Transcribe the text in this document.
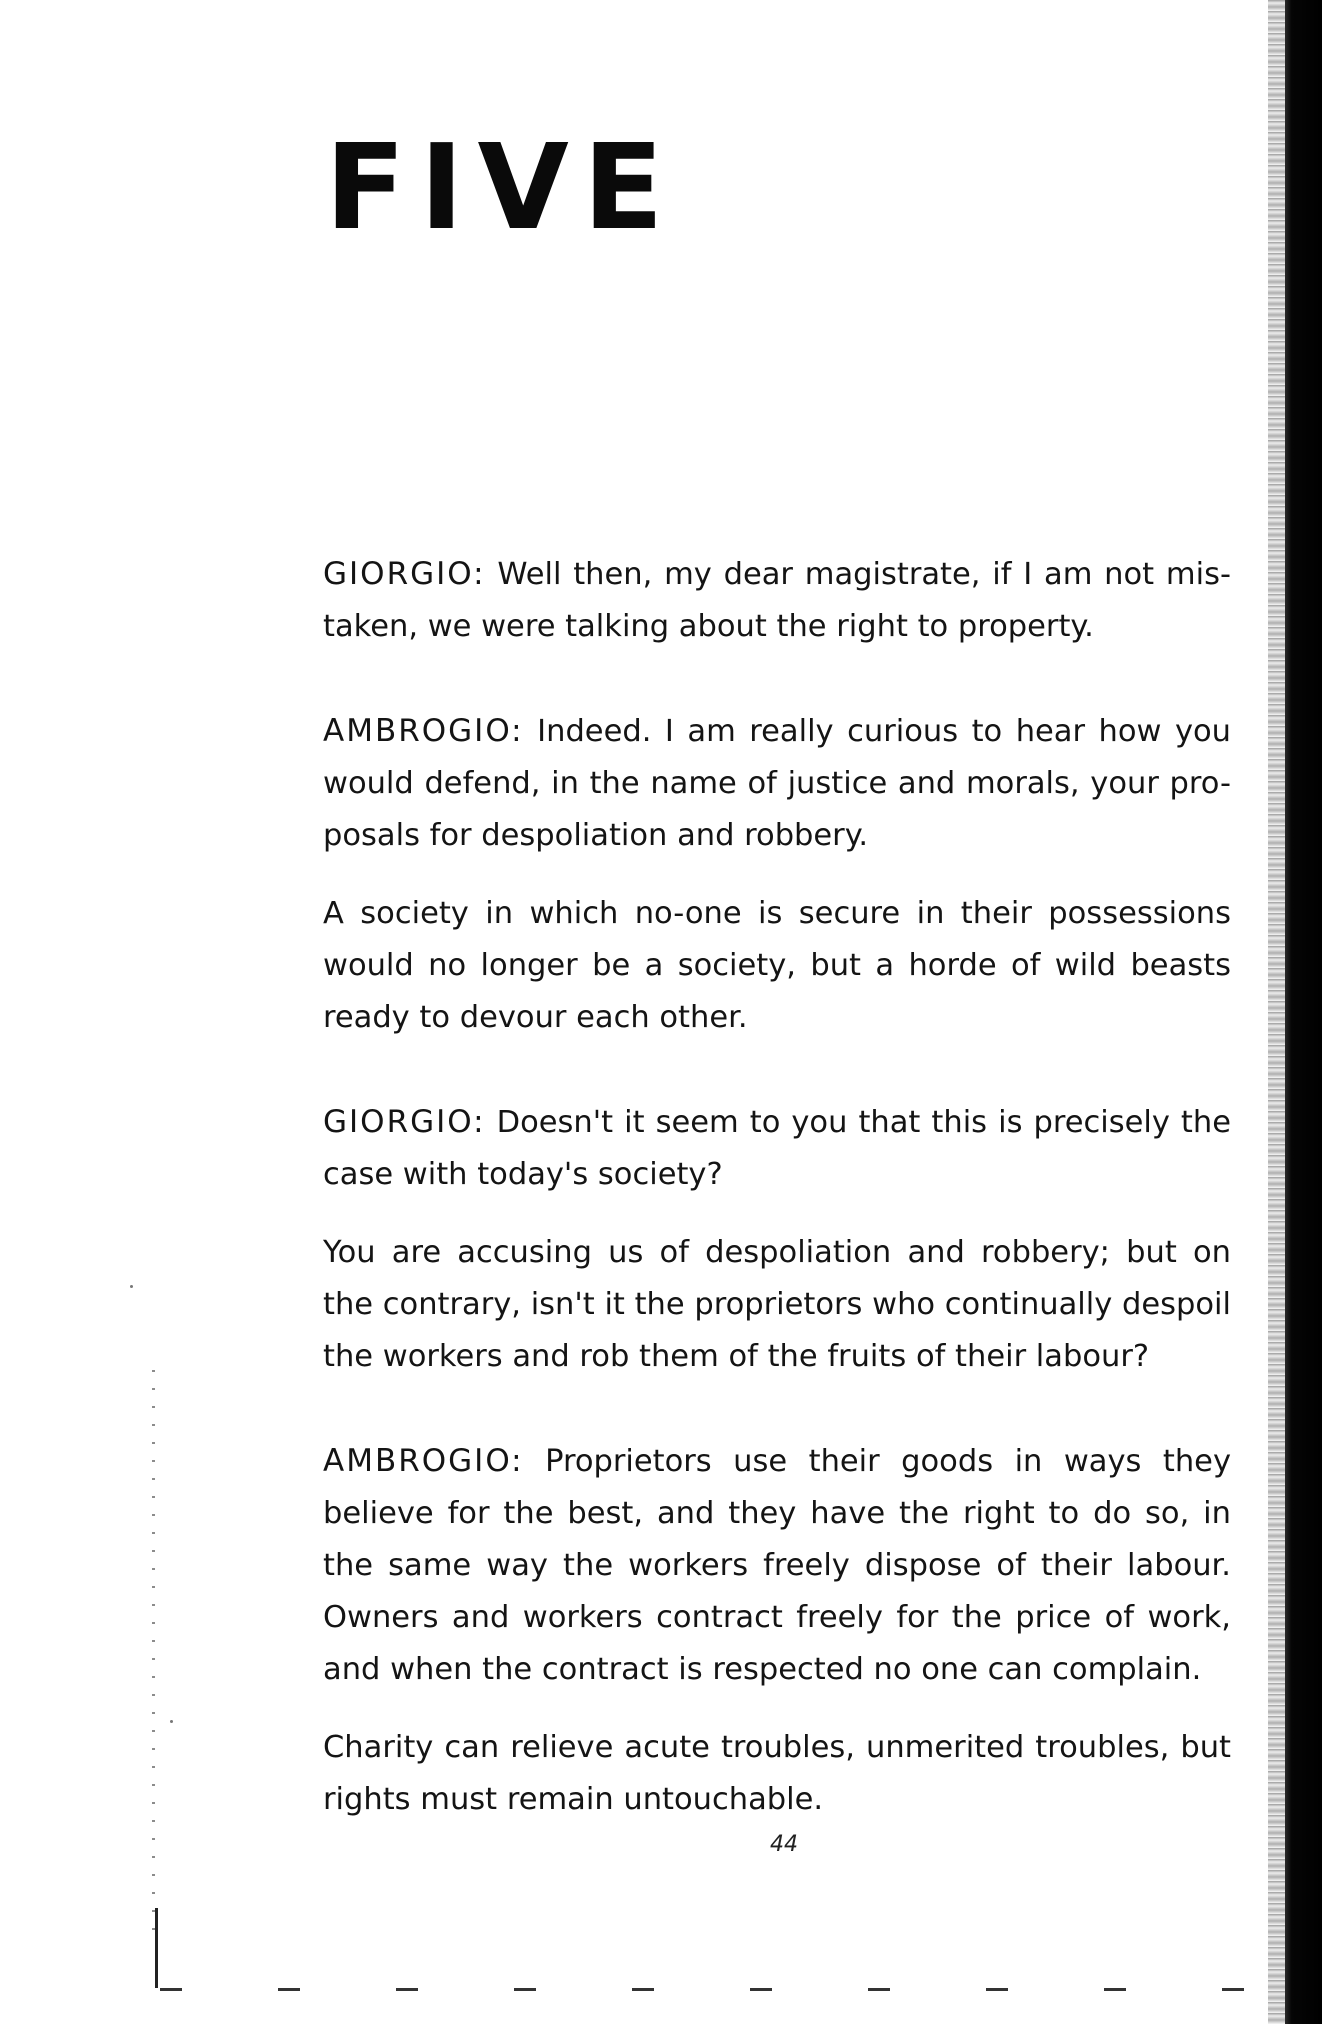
FIVE

GIORGIO: Well then, my dear magistrate, if I am not mis-taken, we were talking about the right to property.

AMBROGIO: Indeed. I am really curious to hear how you would defend, in the name of justice and morals, your pro-posals for despoliation and robbery.

A society in which no-one is secure in their possessions would no longer be a society, but a horde of wild beasts ready to devour each other.

GIORGIO: Doesn't it seem to you that this is precisely the case with today's society?

You are accusing us of despoliation and robbery; but on the contrary, isn't it the proprietors who continually despoil the workers and rob them of the fruits of their labour?

AMBROGIO: Proprietors use their goods in ways they believe for the best, and they have the right to do so, in the same way the workers freely dispose of their labour. Owners and workers contract freely for the price of work, and when the contract is respected no one can complain.

Charity can relieve acute troubles, unmerited troubles, but rights must remain untouchable.

44
